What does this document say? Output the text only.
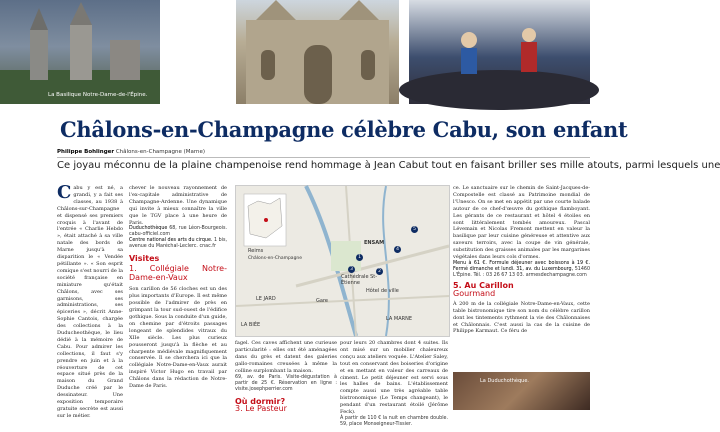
La Basilique Notre-Dame-de-l'Épine.
Châlons-en-Champagne célèbre Cabu, son enfant
Philippe Bohlinger Châlons-en-Champagne (Marne)
Ce joyau méconnu de la plaine champenoise rend hommage à Jean Cabut tout en faisant briller ses mille atouts, parmi lesquels une
C abu y est né, a grandi, y a fait ses classes, au 1938 à Châlons-sur-Champagne et dispensé ses premiers croquis à l'avant de l'entrée « Charlie Hebdo », était attaché à sa ville natale des bords de Marne jusqu'à sa disparition le « Vendée pétillante ». « Son esprit comique s'est nourri de la société française en miniature qu'était Châlons, avec ses garnisons, ses administrations, ses épiceries », décrit Anne-Sophie Cantois, chargée des collections à la Duducheothèque, le lieu dédié à la mémoire de Cabu. Pour admirer les collections, il faut s'y prendre en juin et à la réouverture de cet espace situé près de la maison du Grand Duduche créé par le dessinateur. Une exposition temporaire gratuite secrète est aussi sur le métier.
chever le nouveau rayonnement de l'ex-capitale administrative de Champagne-Ardenne. Une dynamique qui invite à mieux connaître la ville que le TGV place à une heure de Paris.
Duduchothèque 68, rue Léon-Bourgeois. cabu-officiel.com
Centre national des arts du cirque. 1 bis, avenue du Maréchal-Leclerc. cnac.fr
Visites
1. Collégiale Notre-Dame-en-Vaux
Son carillon de 56 cloches est un des plus importants d'Europe. Il est même possible de l'admirer de près en grimpant la tour sud-ouest de l'édifice gothique. Sous la conduite d'un guide, on chemine par d'étroits passages longeant de splendides vitraux du XIIe siècle. Les plus curieux pousseront jusqu'à la flèche et au charpente médiévale magnifiquement conservée. Il se cherchera ici que la collégiale Notre-Dame-en-Vaux aurait inspiré Victor Hugo en travail par Châlons dans la rédaction de Notre-Dame de Paris.
Reims
Châlons-en-Champagne
ENSAM
Cathédrale St-Étienne
Hôtel de ville
LA MARNE
Gare
LE JARD
LA BIÉE
1
2
3
4
5
fagel. Ces caves affichent une curieuse particularité : elles ont été aménagées dans du grès et datent des galeries gallo-romaines creusées à même la colline surplombant la maison.
69, av. de Paris. Visite-dégustation à partir de 25 €. Réservation en ligne : visite.josephperrier.com
Où dormir?
3. Le Pasteur
pour leurs 20 chambres dont 4 suites. Ils ont misé sur un mobilier chaleureux conçu aux ateliers voquée. L'Atelier Saley, tout en conservant des boiseries d'origine et en mettant en valeur des carreaux de ciment. Le petit déjeuner est servi sous les halles de bains. L'établissement compte aussi une très agréable table bistronomique (Le Temps changeant), le pendant d'un restaurant étoilé (Jérôme Feck).
À partir de 110 € la nuit en chambre double. 59, place Monseigneur-Tissier.
ce. Le sanctuaire sur le chemin de Saint-Jacques-de-Compostelle est classé au Patrimoine mondial de l'Unesco. On se met en appétit par une courte balade autour de ce chef-d'œuvre du gothique flamboyant. Les gérants de ce restaurant et hôtel 4 étoiles en sont littéralement tombés amoureux. Pascal Lévemain et Nicolas Fremont mettent en valeur la basilique par leur cuisine généreuse et attentive aux saveurs terroirs, avec la coupe de vin générale, substitution des graisses animales par les margarines végétales dans leurs cols d'ormes.
Menu à 61 €. Formule déjeuner avec boissons à 19 €. Fermé dimanche et lundi. 31, av. du Luxembourg, 51460 L'Épine. Tél. : 03 26 67 13 03. armesdechampagne.com
5. Au Carillon
Gourmand
À 200 m de la collégiale Notre-Dame-en-Vaux, cette table bistronomique tire son nom du célèbre carillon dont les tintements rythment la vie des Châlonnaises et Châlonnais. C'est aussi la cas de la cuisine de Philippe Karmaut. Ce féru de
La Duduchothèque.
